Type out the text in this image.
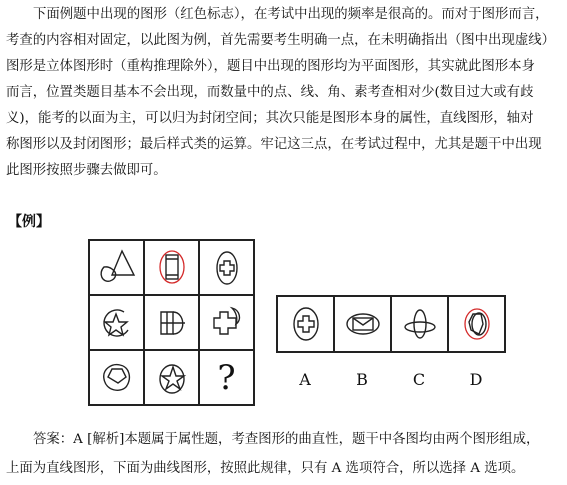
下面例题中出现的图形（红色标志），在考试中出现的频率是很高的。而对于图形而言，
考查的内容相对固定，以此图为例，首先需要考生明确一点，在未明确指出（图中出现虚线）
图形是立体图形时（重构推理除外），题目中出现的图形均为平面图形，其实就此图形本身
而言，位置类题目基本不会出现，而数量中的点、线、角、素考查相对少(数目过大或有歧
义)，能考的以面为主，可以归为封闭空间；其次只能是图形本身的属性，直线图形，轴对
称图形以及封闭图形；最后样式类的运算。牢记这三点，在考试过程中，尤其是题干中出现
此图形按照步骤去做即可。
【例】
?	A	B	C	D
答案：A [解析]本题属于属性题，考查图形的曲直性，题干中各图均由两个图形组成，
上面为直线图形，下面为曲线图形，按照此规律，只有 A 选项符合，所以选择 A 选项。
